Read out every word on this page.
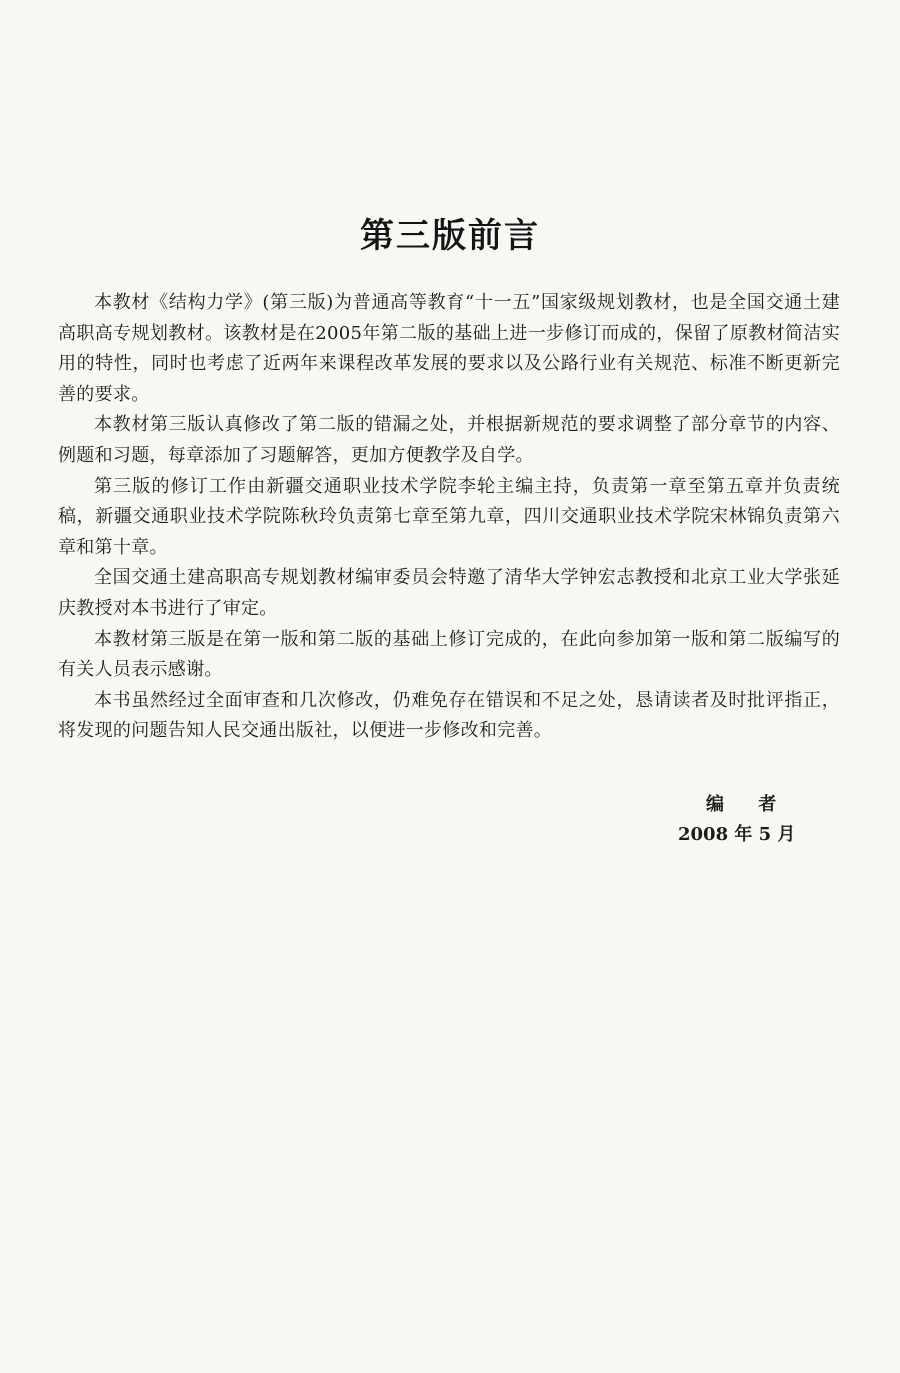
第三版前言

本教材《结构力学》(第三版)为普通高等教育“十一五”国家级规划教材，也是全国交通土建高职高专规划教材。该教材是在2005年第二版的基础上进一步修订而成的，保留了原教材简洁实用的特性，同时也考虑了近两年来课程改革发展的要求以及公路行业有关规范、标准不断更新完善的要求。

本教材第三版认真修改了第二版的错漏之处，并根据新规范的要求调整了部分章节的内容、例题和习题，每章添加了习题解答，更加方便教学及自学。

第三版的修订工作由新疆交通职业技术学院李轮主编主持，负责第一章至第五章并负责统稿，新疆交通职业技术学院陈秋玲负责第七章至第九章，四川交通职业技术学院宋林锦负责第六章和第十章。

全国交通土建高职高专规划教材编审委员会特邀了清华大学钟宏志教授和北京工业大学张延庆教授对本书进行了审定。

本教材第三版是在第一版和第二版的基础上修订完成的，在此向参加第一版和第二版编写的有关人员表示感谢。

本书虽然经过全面审查和几次修改，仍难免存在错误和不足之处，恳请读者及时批评指正，将发现的问题告知人民交通出版社，以便进一步修改和完善。

编 者
2008 年 5 月
